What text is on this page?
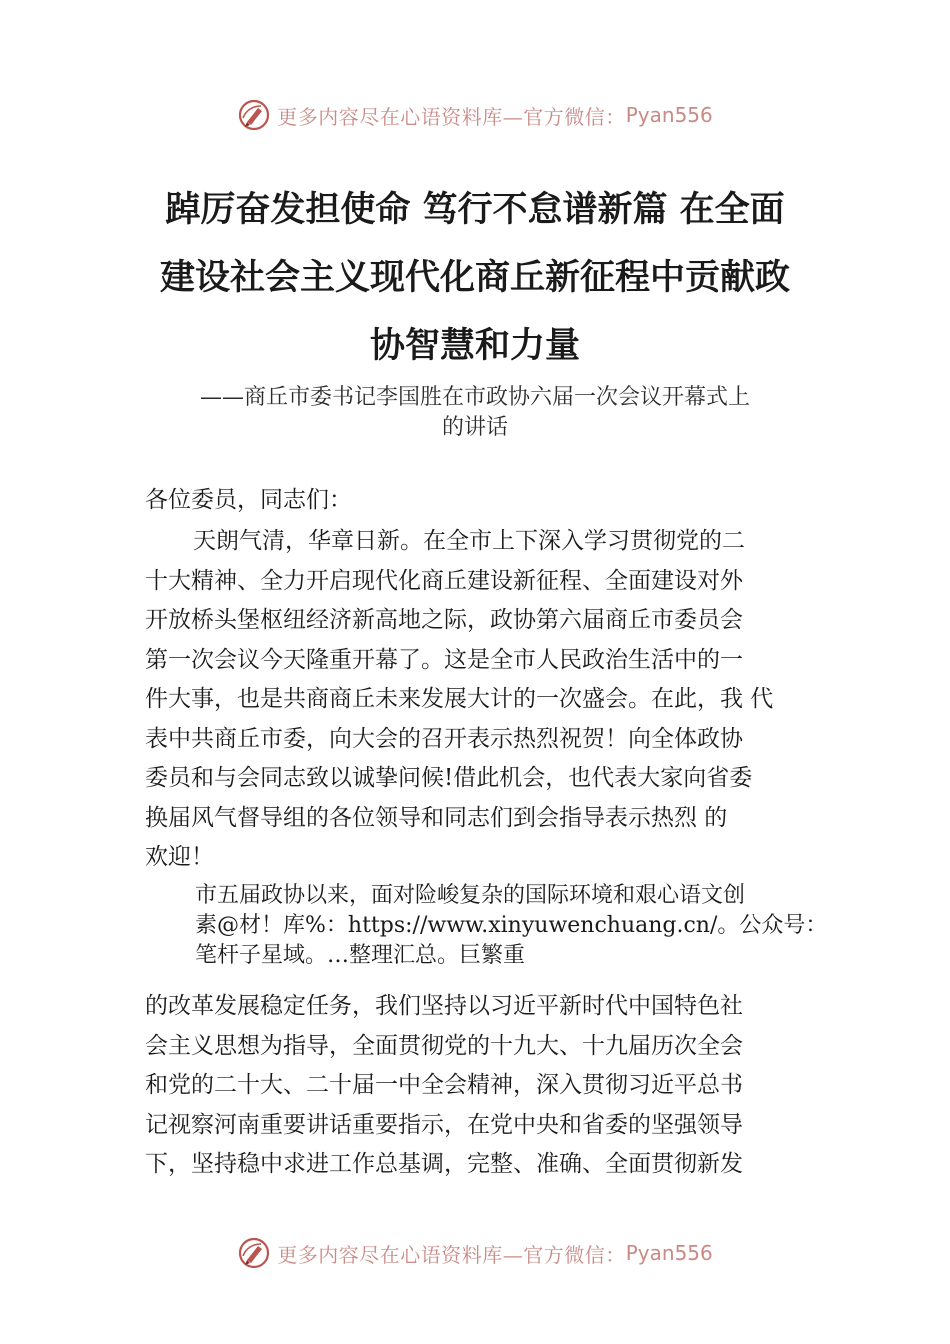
更多内容尽在心语资料库—官方微信： Pyan556
踔厉奋发担使命 笃行不怠谱新篇 在全面
建设社会主义现代化商丘新征程中贡献政
协智慧和力量
——商丘市委书记李国胜在市政协六届一次会议开幕式上
的讲话
各位委员，同志们：
天朗气清，华章日新。在全市上下深入学习贯彻党的二
十大精神、全力开启现代化商丘建设新征程、全面建设对外
开放桥头堡枢纽经济新高地之际，政协第六届商丘市委员会
第一次会议今天隆重开幕了。这是全市人民政治生活中的一
件大事，也是共商商丘未来发展大计的一次盛会。在此，我 代
表中共商丘市委，向大会的召开表示热烈祝贺！向全体政协
委员和与会同志致以诚挚问候!借此机会，也代表大家向省委
换届风气督导组的各位领导和同志们到会指导表示热烈 的
欢迎！
市五届政协以来，面对险峻复杂的国际环境和艰心语文创
素@材！库%：https://www.xinyuwenchuang.cn/。公众号：
笔杆子星域。…整理汇总。巨繁重
的改革发展稳定任务，我们坚持以习近平新时代中国特色社
会主义思想为指导，全面贯彻党的十九大、十九届历次全会
和党的二十大、二十届一中全会精神，深入贯彻习近平总书
记视察河南重要讲话重要指示，在党中央和省委的坚强领导
下，坚持稳中求进工作总基调，完整、准确、全面贯彻新发
更多内容尽在心语资料库—官方微信： Pyan556
